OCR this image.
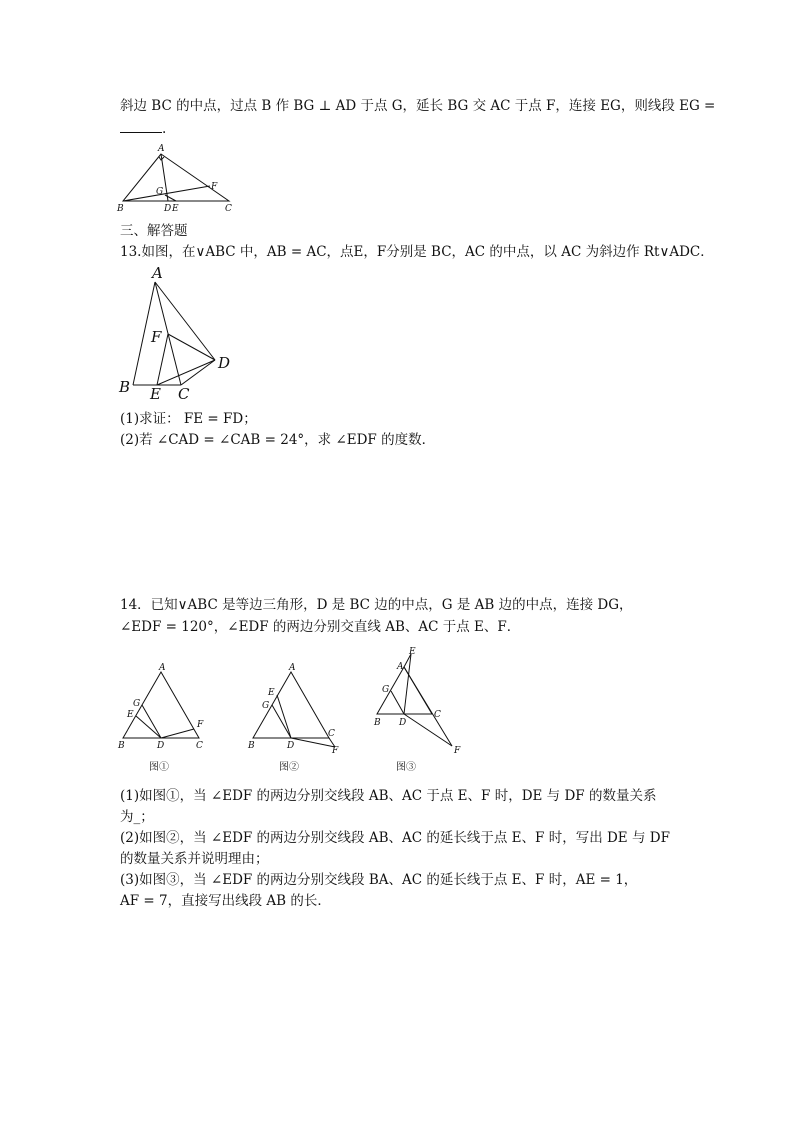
斜边 BC 的中点，过点 B 作 BG ⊥ AD 于点 G，延长 BG 交 AC 于点 F，连接 EG，则线段 EG =
.
A
B	C
D E
F
G
三、解答题
13.如图，在∨ABC 中，AB = AC，点E，F分别是 BC，AC 的中点，以 AC 为斜边作 Rt∨ADC．
A
B	C
D
E
F
(1)求证： FE = FD；
(2)若 ∠CAD = ∠CAB = 24°，求 ∠EDF 的度数．
14．已知∨ABC 是等边三角形，D 是 BC 边的中点，G 是 AB 边的中点，连接 DG，
∠EDF = 120°，∠EDF 的两边分别交直线 AB、AC 于点 E、F．
A
B	C
D
E
F
G
图①
A
B
C
D
E
F
G
图②
E
A
G
B D
C
F
图③
(1)如图①，当 ∠EDF 的两边分别交线段 AB、AC 于点 E、F 时，DE 与 DF 的数量关系
为_；
(2)如图②，当 ∠EDF 的两边分别交线段 AB、AC 的延长线于点 E、F 时，写出 DE 与 DF
的数量关系并说明理由；
(3)如图③，当 ∠EDF 的两边分别交线段 BA、AC 的延长线于点 E、F 时，AE = 1，
AF = 7，直接写出线段 AB 的长．
